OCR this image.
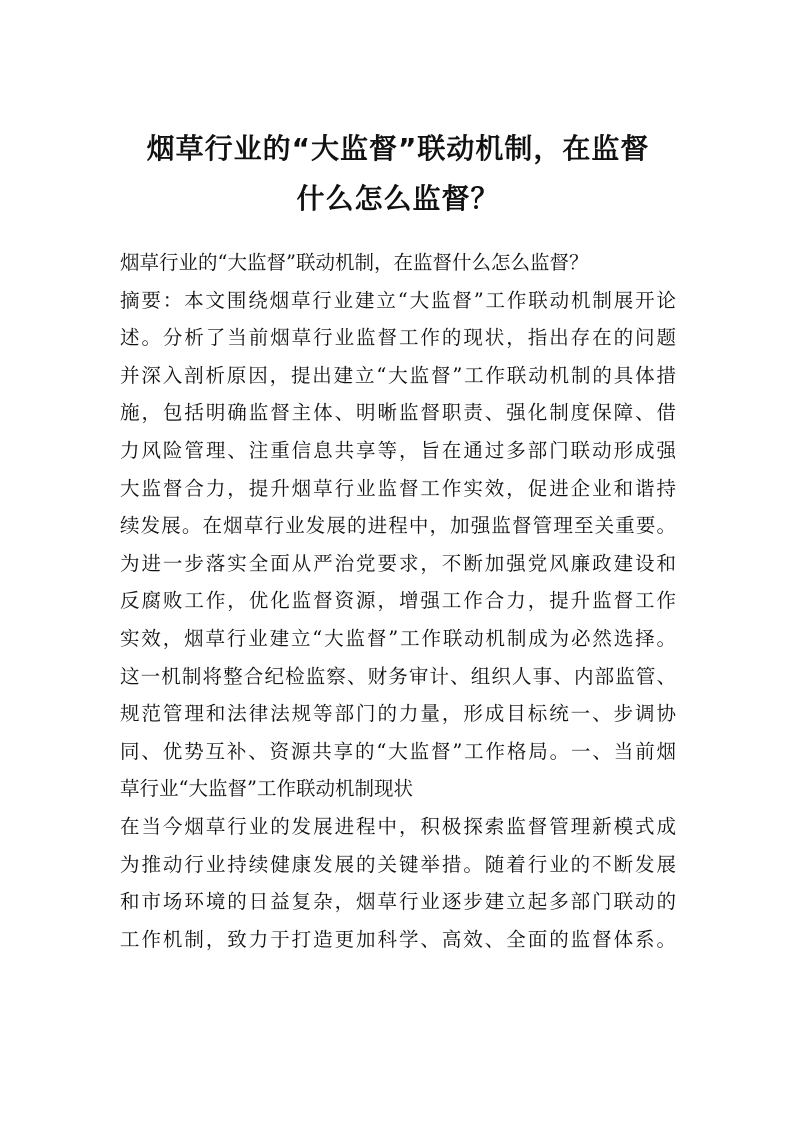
烟草行业的“大监督”联动机制，在监督
什么怎么监督？
烟草行业的“大监督”联动机制，在监督什么怎么监督？
摘要：本文围绕烟草行业建立“大监督”工作联动机制展开论
述。分析了当前烟草行业监督工作的现状，指出存在的问题
并深入剖析原因，提出建立“大监督”工作联动机制的具体措
施，包括明确监督主体、明晰监督职责、强化制度保障、借
力风险管理、注重信息共享等，旨在通过多部门联动形成强
大监督合力，提升烟草行业监督工作实效，促进企业和谐持
续发展。在烟草行业发展的进程中，加强监督管理至关重要。
为进一步落实全面从严治党要求，不断加强党风廉政建设和
反腐败工作，优化监督资源，增强工作合力，提升监督工作
实效，烟草行业建立“大监督”工作联动机制成为必然选择。
这一机制将整合纪检监察、财务审计、组织人事、内部监管、
规范管理和法律法规等部门的力量，形成目标统一、步调协
同、优势互补、资源共享的“大监督”工作格局。一、当前烟
草行业“大监督”工作联动机制现状
在当今烟草行业的发展进程中，积极探索监督管理新模式成
为推动行业持续健康发展的关键举措。随着行业的不断发展
和市场环境的日益复杂，烟草行业逐步建立起多部门联动的
工作机制，致力于打造更加科学、高效、全面的监督体系。
